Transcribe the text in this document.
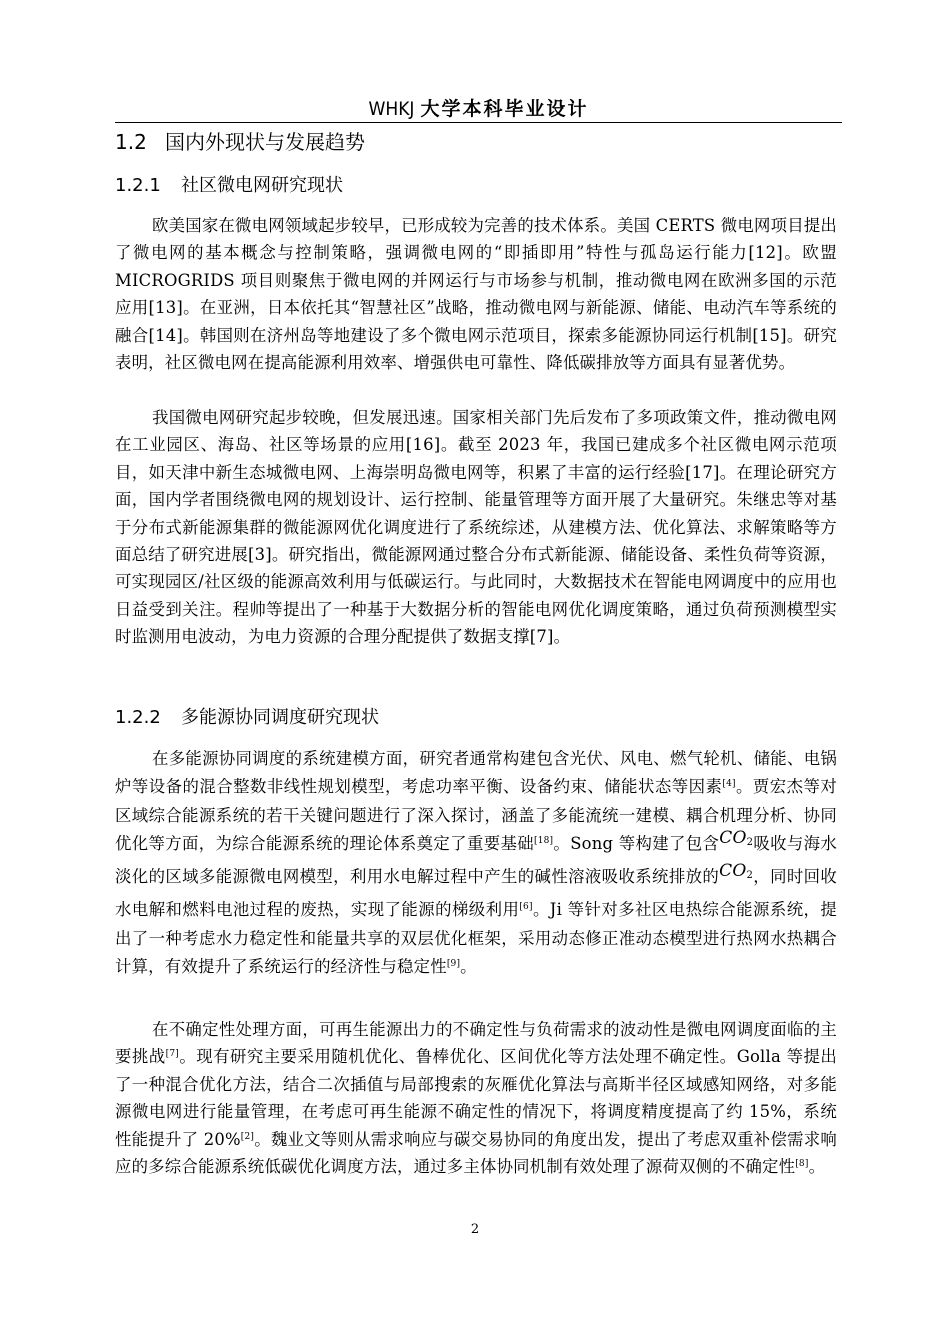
WHKJ 大学本科毕业设计
1.2 国内外现状与发展趋势
1.2.1 社区微电网研究现状

欧美国家在微电网领域起步较早，已形成较为完善的技术体系。美国 CERTS 微电网项目提出了微电网的基本概念与控制策略，强调微电网的“即插即用”特性与孤岛运行能力[12]。欧盟 MICROGRIDS 项目则聚焦于微电网的并网运行与市场参与机制，推动微电网在欧洲多国的示范应用[13]。在亚洲，日本依托其“智慧社区”战略，推动微电网与新能源、储能、电动汽车等系统的融合[14]。韩国则在济州岛等地建设了多个微电网示范项目，探索多能源协同运行机制[15]。研究表明，社区微电网在提高能源利用效率、增强供电可靠性、降低碳排放等方面具有显著优势。

我国微电网研究起步较晚，但发展迅速。国家相关部门先后发布了多项政策文件，推动微电网在工业园区、海岛、社区等场景的应用[16]。截至 2023 年，我国已建成多个社区微电网示范项目，如天津中新生态城微电网、上海崇明岛微电网等，积累了丰富的运行经验[17]。在理论研究方面，国内学者围绕微电网的规划设计、运行控制、能量管理等方面开展了大量研究。朱继忠等对基于分布式新能源集群的微能源网优化调度进行了系统综述，从建模方法、优化算法、求解策略等方面总结了研究进展[3]。研究指出，微能源网通过整合分布式新能源、储能设备、柔性负荷等资源，可实现园区/社区级的能源高效利用与低碳运行。与此同时，大数据技术在智能电网调度中的应用也日益受到关注。程帅等提出了一种基于大数据分析的智能电网优化调度策略，通过负荷预测模型实时监测用电波动，为电力资源的合理分配提供了数据支撑[7]。

1.2.2 多能源协同调度研究现状

在多能源协同调度的系统建模方面，研究者通常构建包含光伏、风电、燃气轮机、储能、电锅炉等设备的混合整数非线性规划模型，考虑功率平衡、设备约束、储能状态等因素[4]。贾宏杰等对区域综合能源系统的若干关键问题进行了深入探讨，涵盖了多能流统一建模、耦合机理分析、协同优化等方面，为综合能源系统的理论体系奠定了重要基础[18]。Song 等构建了包含$CO_2$吸收与海水淡化的区域多能源微电网模型，利用水电解过程中产生的碱性溶液吸收系统排放的$CO_2$，同时回收水电解和燃料电池过程的废热，实现了能源的梯级利用[6]。Ji 等针对多社区电热综合能源系统，提出了一种考虑水力稳定性和能量共享的双层优化框架，采用动态修正准动态模型进行热网水热耦合计算，有效提升了系统运行的经济性与稳定性[9]。

在不确定性处理方面，可再生能源出力的不确定性与负荷需求的波动性是微电网调度面临的主要挑战[7]。现有研究主要采用随机优化、鲁棒优化、区间优化等方法处理不确定性。Golla 等提出了一种混合优化方法，结合二次插值与局部搜索的灰雁优化算法与高斯半径区域感知网络，对多能源微电网进行能量管理，在考虑可再生能源不确定性的情况下，将调度精度提高了约 15%，系统性能提升了 20%[2]。魏业文等则从需求响应与碳交易协同的角度出发，提出了考虑双重补偿需求响应的多综合能源系统低碳优化调度方法，通过多主体协同机制有效处理了源荷双侧的不确定性[8]。

2
